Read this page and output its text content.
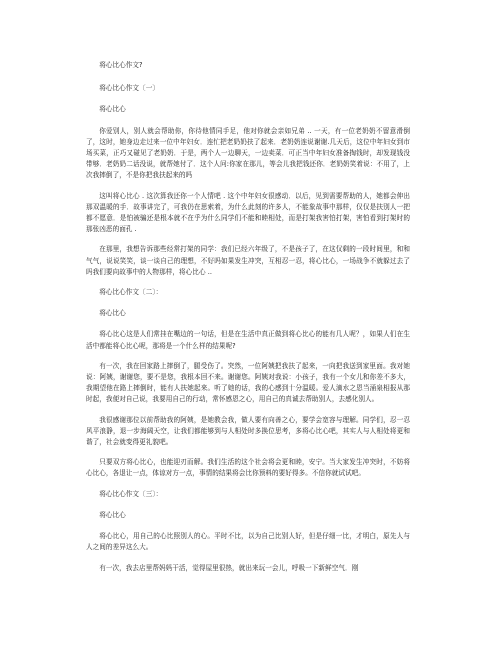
将心比心作文?

将心比心作文〔一〕

将心比心

你爱别人，别人就会帮助你，你待他情同手足，他对你就会亲如兄弟 .. 一天，有一位老奶奶不留意滑倒了，这时，她身边走过来一位中年妇女．连忙把老奶奶扶了起来．老奶奶连说谢谢.几天后，这位中年妇女到市场买菜，正巧又碰见了老奶奶．于是，两个人一边聊天，一边卖菜．可正当中年妇女准备掏钱时，却发现钱没带够．老奶奶二话没说，就帮她付了．这个人问:你家在那儿，等会儿我把钱还你．老奶奶笑着说：不用了，上次我摔倒了，不是你把我扶起来的吗

这叫将心比心 . 这次算我还你一个人情吧 . 这个中年妇女很感动．以后，见到需要帮助的人，她都会伸出那双温暖的手．故事讲完了，可我仍在思索着，为什么此刻的许多人，不能象故事中那样，仅仅是扶别人一把都不愿意．是怕被骗还是根本就不在乎为什么同学们不能和睦相处，而是打架我害怕打架，害怕看到打架时的那张凶恶的面孔 .

在那里，我想告诉那些经常打架的同学：我们已经六年级了，不是孩子了，在这仅剩的一段时间里，和和气气，说说笑笑，谈一谈自己的理想，不好吗如果发生冲突，互相忍一忍，将心比心，一场战争不就躲过去了吗我们要向故事中的人物那样，将心比心 ..

将心比心作文〔二〕：

将心比心

将心比心这是人们常挂在嘴边的一句话，但是在生活中真正做到将心比心的能有几人呢？，如果人们在生活中都能将心比心呢，那将是一个什么样的结果呢?

有一次，我在回家路上摔倒了，腿受伤了。突然，一位阿姨把我扶了起来，一向把我送到家里面。我对她说：阿姨，谢谢您，要不是您，我根本回不来。谢谢您。阿姨对我说：小孩子，我有一个女儿和你差不多大，我期望他在路上摔倒时，能有人扶她起来。听了她的话，我的心感到十分温暖。爱人滴水之恩当涌泉相报从那时起，我便对自己说，我要用自己的行动，常怀感恩之心，用自己的真诚去帮助别人，去感化别人。

我很感谢那位以前帮助我的阿姨，是她教会我，做人要有向善之心，要学会宽容与理解。同学们，忍一忍风平浪静，退一步海阔天空，让我们都能够到与人相处时多换位思考，多将心比心吧，其实人与人相处将更和谐了，社会就变得更礼貌吧。

只要双方将心比心，也能迎刃而解。我们生活的这个社会将会更和睦，安宁。当大家发生冲突时，不妨将心比心，各退让一点，体谅对方一点，事情的结果将会比你预料的要好得多。不信你就试试吧。

将心比心作文〔三〕：

将心比心

将心比心，用自己的心比照别人的心。平时不比，以为自己比别人好，但是仔细一比，才明白，原先人与人之间的差异这么大。

有一次，我去店里帮妈妈干活，觉得屋里很热，就出来玩一会儿，呼吸一下新鲜空气．刚
